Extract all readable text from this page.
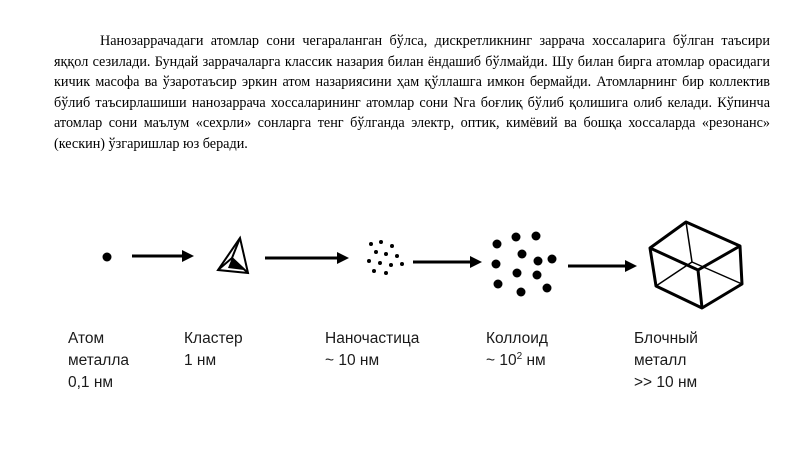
Нанозаррачадаги атомлар сони чегараланган бўлса, дискретликнинг заррача хоссаларига бўлган таъсири яққол сезилади. Бундай заррачаларга классик назария билан ёндашиб бўлмайди. Шу билан бирга атомлар орасидаги кичик масофа ва ўзаротаъсир эркин атом назариясини ҳам қўллашга имкон бермайди. Атомларнинг бир коллектив бўлиб таъсирлашиши нанозаррача хоссаларининг атомлар сони Nга боғлиқ бўлиб қолишига олиб келади. Кўпинча атомлар сони маълум «сехрли» сонларга тенг бўлганда электр, оптик, кимёвий ва бошқа хоссаларда «резонанс» (кескин) ўзгаришлар юз беради.

Атом
металла
0,1 нм
Кластер
1 нм
Наночастица
~ 10 нм
Коллоид
~ $10^2$ нм
Блочный
металл
>> 10 нм
